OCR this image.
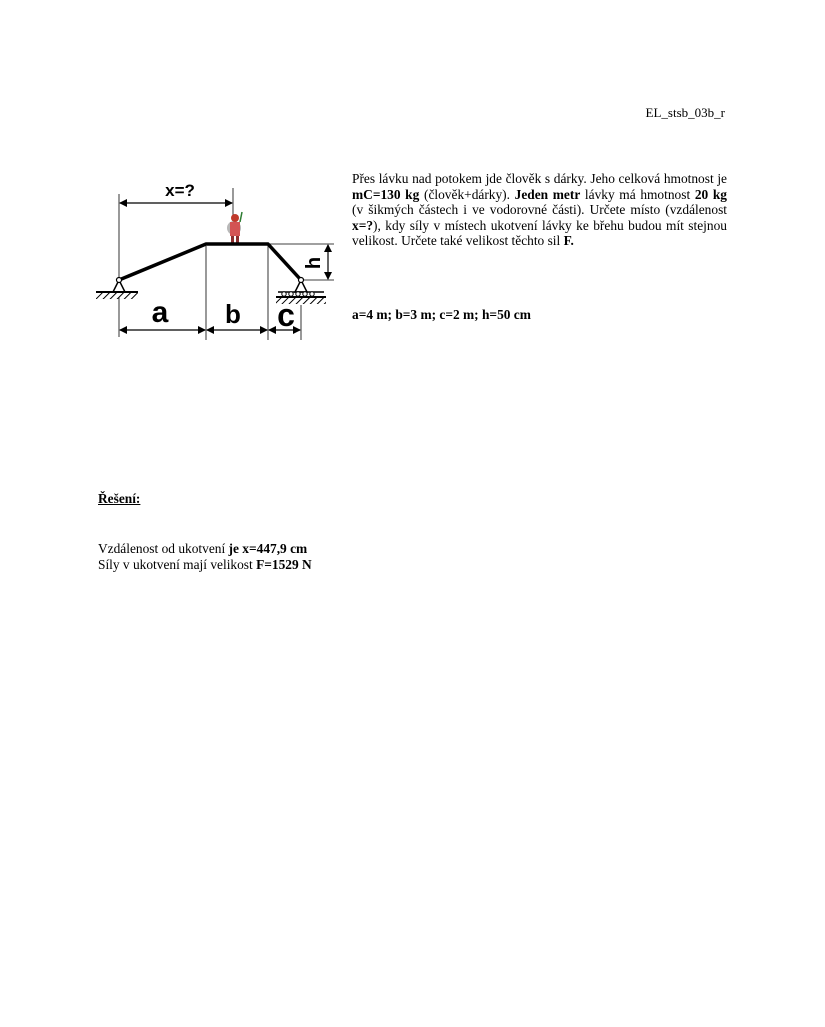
EL_stsb_03b_r
x=?
h
a b c

Přes lávku nad potokem jde člověk s dárky. Jeho celková hmotnost je mC=130 kg (člověk+dárky). Jeden metr lávky má hmotnost 20 kg (v šikmých částech i ve vodorovné části). Určete místo (vzdálenost x=?), kdy síly v místech ukotvení lávky ke břehu budou mít stejnou velikost. Určete také velikost těchto sil F.

a=4 m; b=3 m; c=2 m; h=50 cm
Řešení:
Vzdálenost od ukotvení je x=447,9 cm
Síly v ukotvení mají velikost F=1529 N
